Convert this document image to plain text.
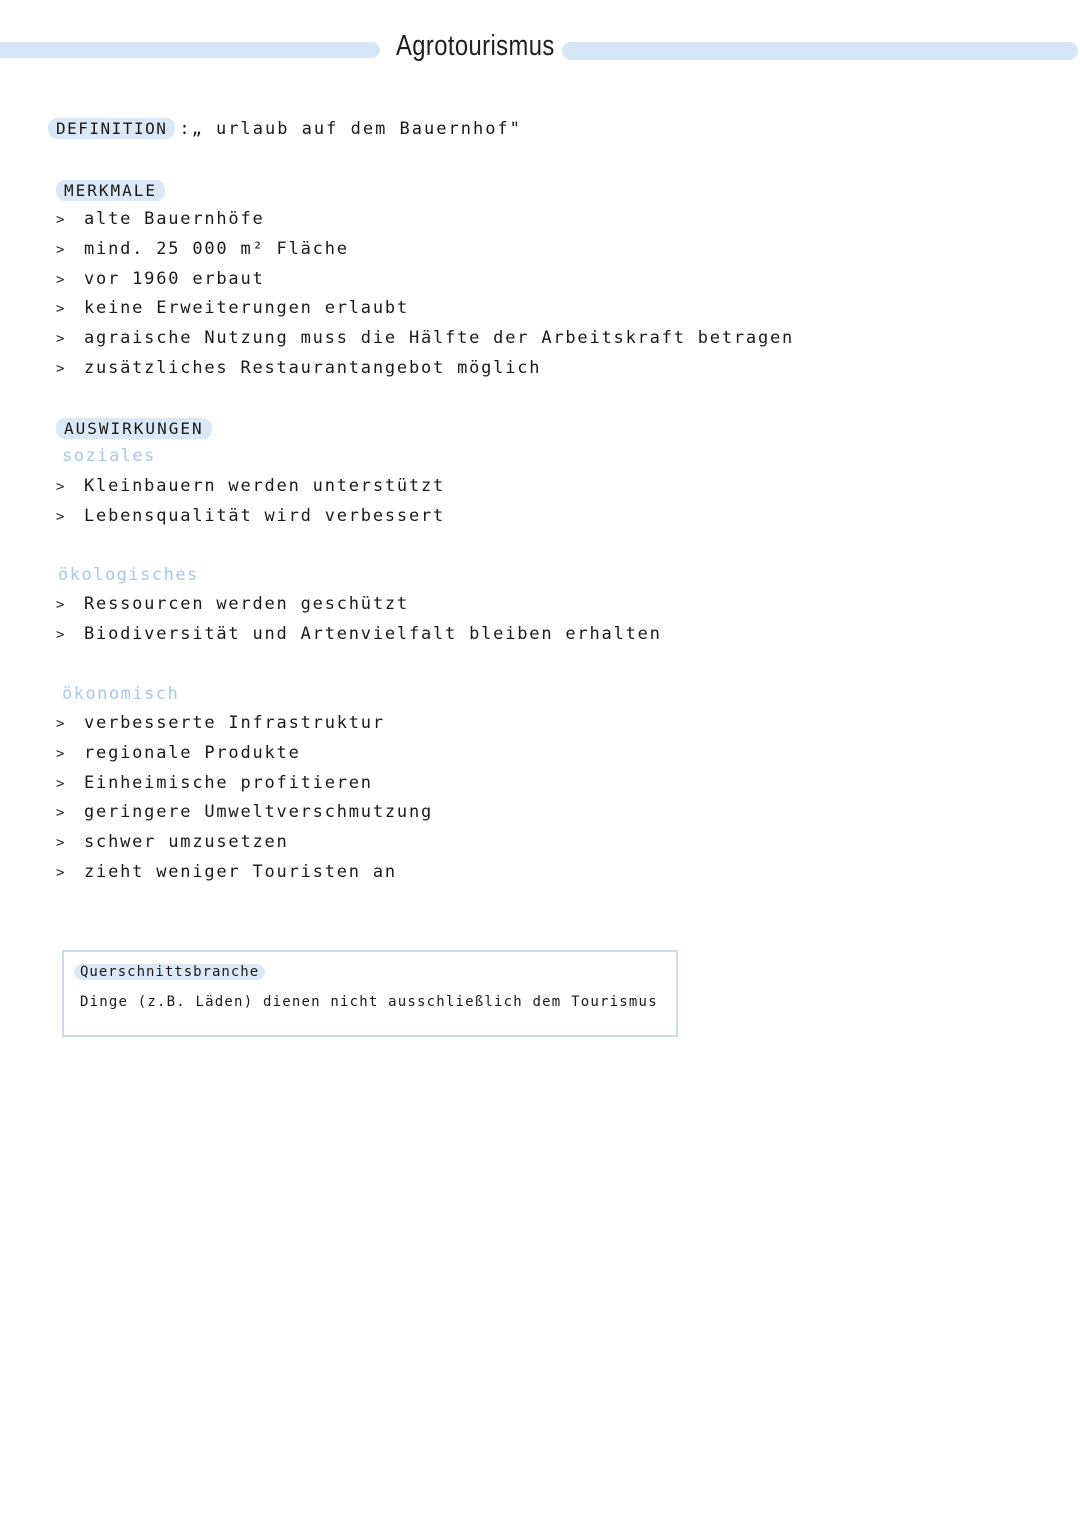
Agrotourismus
DEFINITION :„ urlaub auf dem Bauernhof"
MERKMALE
> alte Bauernhöfe
> mind. 25 000 m² Fläche
> vor 1960 erbaut
> keine Erweiterungen erlaubt
> agraische Nutzung muss die Hälfte der Arbeitskraft betragen
> zusätzliches Restaurantangebot möglich
AUSWIRKUNGEN
soziales
> Kleinbauern werden unterstützt
> Lebensqualität wird verbessert
ökologisches
> Ressourcen werden geschützt
> Biodiversität und Artenvielfalt bleiben erhalten
ökonomisch
> verbesserte Infrastruktur
> regionale Produkte
> Einheimische profitieren
> geringere Umweltverschmutzung
> schwer umzusetzen
> zieht weniger Touristen an
Querschnittsbranche
Dinge (z.B. Läden) dienen nicht ausschließlich dem Tourismus
